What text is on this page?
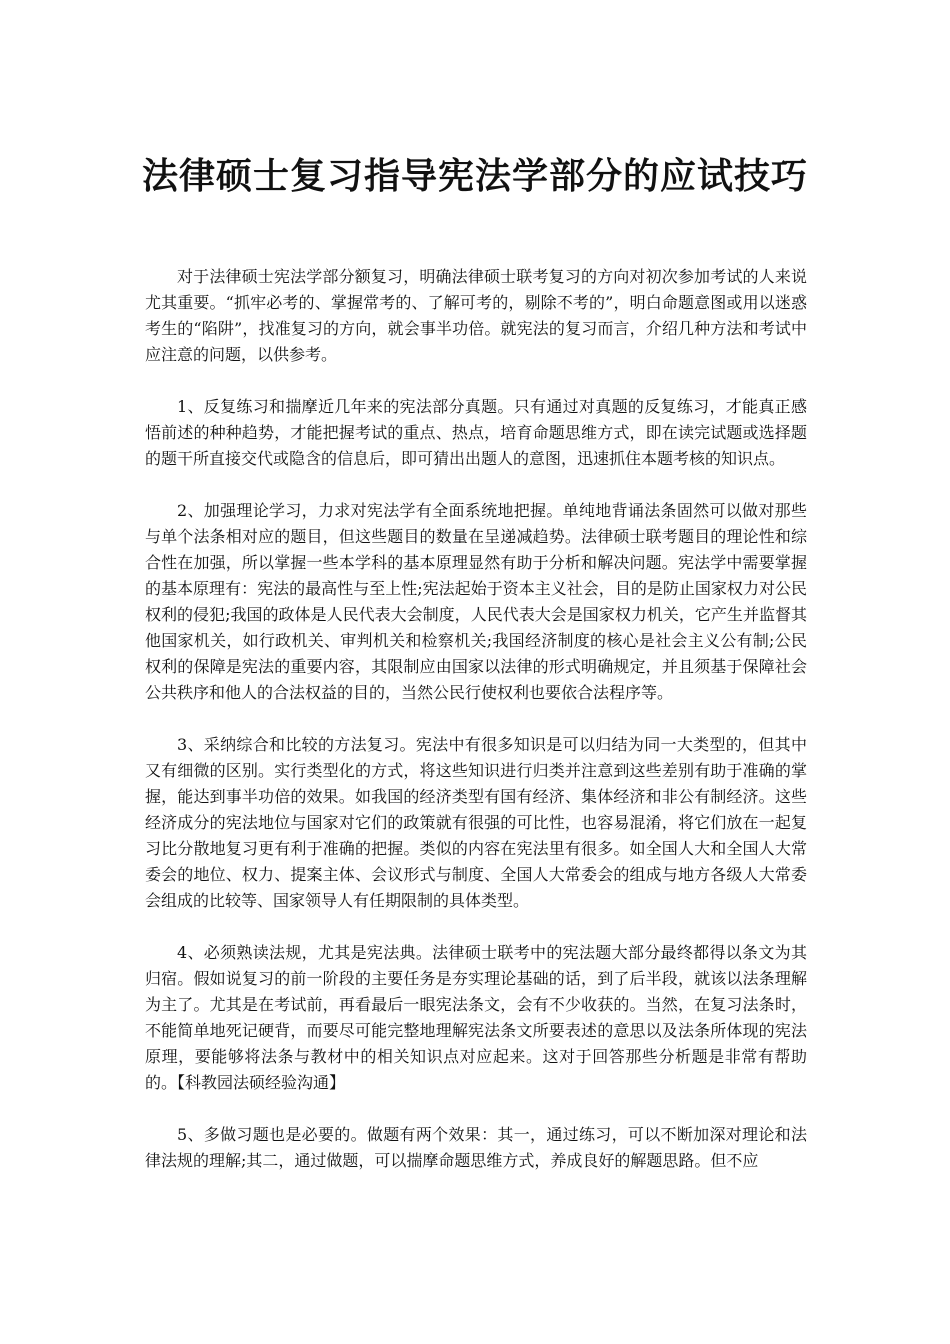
法律硕士复习指导宪法学部分的应试技巧

对于法律硕士宪法学部分额复习，明确法律硕士联考复习的方向对初次参加考试的人来说尤其重要。“抓牢必考的、掌握常考的、了解可考的，剔除不考的”，明白命题意图或用以迷惑考生的“陷阱”，找准复习的方向，就会事半功倍。就宪法的复习而言，介绍几种方法和考试中应注意的问题，以供参考。

1、反复练习和揣摩近几年来的宪法部分真题。只有通过对真题的反复练习，才能真正感悟前述的种种趋势，才能把握考试的重点、热点，培育命题思维方式，即在读完试题或选择题的题干所直接交代或隐含的信息后，即可猜出出题人的意图，迅速抓住本题考核的知识点。

2、加强理论学习，力求对宪法学有全面系统地把握。单纯地背诵法条固然可以做对那些与单个法条相对应的题目，但这些题目的数量在呈递减趋势。法律硕士联考题目的理论性和综合性在加强，所以掌握一些本学科的基本原理显然有助于分析和解决问题。宪法学中需要掌握的基本原理有：宪法的最高性与至上性;宪法起始于资本主义社会，目的是防止国家权力对公民权利的侵犯;我国的政体是人民代表大会制度，人民代表大会是国家权力机关，它产生并监督其他国家机关，如行政机关、审判机关和检察机关;我国经济制度的核心是社会主义公有制;公民权利的保障是宪法的重要内容，其限制应由国家以法律的形式明确规定，并且须基于保障社会公共秩序和他人的合法权益的目的，当然公民行使权利也要依合法程序等。

3、采纳综合和比较的方法复习。宪法中有很多知识是可以归结为同一大类型的，但其中又有细微的区别。实行类型化的方式，将这些知识进行归类并注意到这些差别有助于准确的掌握，能达到事半功倍的效果。如我国的经济类型有国有经济、集体经济和非公有制经济。这些经济成分的宪法地位与国家对它们的政策就有很强的可比性，也容易混淆，将它们放在一起复习比分散地复习更有利于准确的把握。类似的内容在宪法里有很多。如全国人大和全国人大常委会的地位、权力、提案主体、会议形式与制度、全国人大常委会的组成与地方各级人大常委会组成的比较等、国家领导人有任期限制的具体类型。

4、必须熟读法规，尤其是宪法典。法律硕士联考中的宪法题大部分最终都得以条文为其归宿。假如说复习的前一阶段的主要任务是夯实理论基础的话，到了后半段，就该以法条理解为主了。尤其是在考试前，再看最后一眼宪法条文，会有不少收获的。当然，在复习法条时，不能简单地死记硬背，而要尽可能完整地理解宪法条文所要表述的意思以及法条所体现的宪法原理，要能够将法条与教材中的相关知识点对应起来。这对于回答那些分析题是非常有帮助的。【科教园法硕经验沟通】

5、多做习题也是必要的。做题有两个效果：其一，通过练习，可以不断加深对理论和法律法规的理解;其二，通过做题，可以揣摩命题思维方式，养成良好的解题思路。但不应
